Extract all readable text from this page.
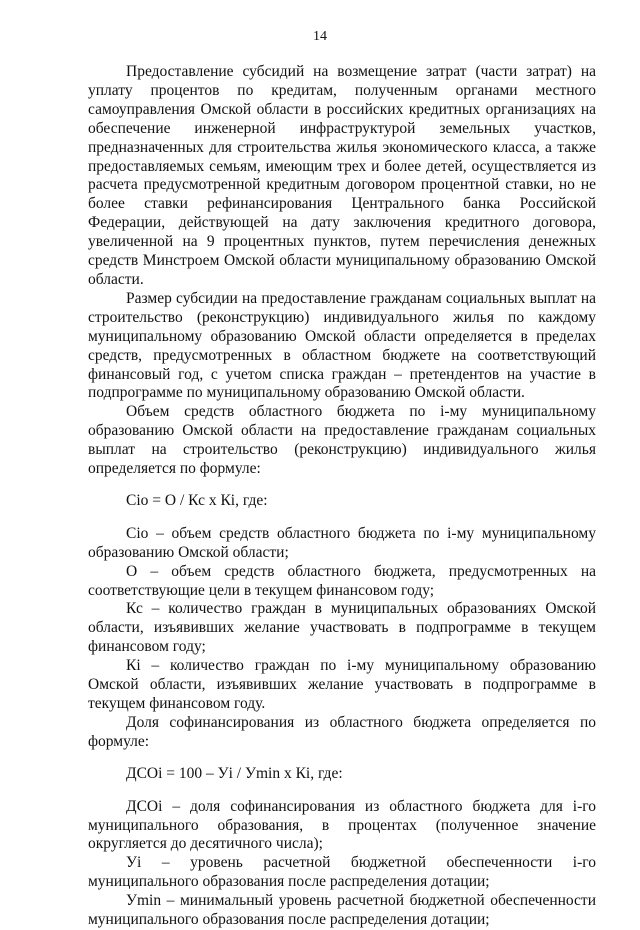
14

Предоставление субсидий на возмещение затрат (части затрат) на уплату процентов по кредитам, полученным органами местного самоуправления Омской области в российских кредитных организациях на обеспечение инженерной инфраструктурой земельных участков, предназначенных для строительства жилья экономического класса, а также предоставляемых семьям, имеющим трех и более детей, осуществляется из расчета предусмотренной кредитным договором процентной ставки, но не более ставки рефинансирования Центрального банка Российской Федерации, действующей на дату заключения кредитного договора, увеличенной на 9 процентных пунктов, путем перечисления денежных средств Минстроем Омской области муниципальному образованию Омской области.

Размер субсидии на предоставление гражданам социальных выплат на строительство (реконструкцию) индивидуального жилья по каждому муниципальному образованию Омской области определяется в пределах средств, предусмотренных в областном бюджете на соответствующий финансовый год, с учетом списка граждан – претендентов на участие в подпрограмме по муниципальному образованию Омской области.

Объем средств областного бюджета по i-му муниципальному образованию Омской области на предоставление гражданам социальных выплат на строительство (реконструкцию) индивидуального жилья определяется по формуле:

Сio = О / Кс х Кi, где:

Сio – объем средств областного бюджета по i-му муниципальному образованию Омской области;

О – объем средств областного бюджета, предусмотренных на соответствующие цели в текущем финансовом году;

Кс – количество граждан в муниципальных образованиях Омской области, изъявивших желание участвовать в подпрограмме в текущем финансовом году;

Кi – количество граждан по i-му муниципальному образованию Омской области, изъявивших желание участвовать в подпрограмме в текущем финансовом году.

Доля софинансирования из областного бюджета определяется по формуле:

ДСОi = 100 – Уi / Уmin х Кi, где:

ДСОi – доля софинансирования из областного бюджета для i-го муниципального образования, в процентах (полученное значение округляется до десятичного числа);

Уi – уровень расчетной бюджетной обеспеченности i-го муниципального образования после распределения дотации;

Уmin – минимальный уровень расчетной бюджетной обеспеченности муниципального образования после распределения дотации;
